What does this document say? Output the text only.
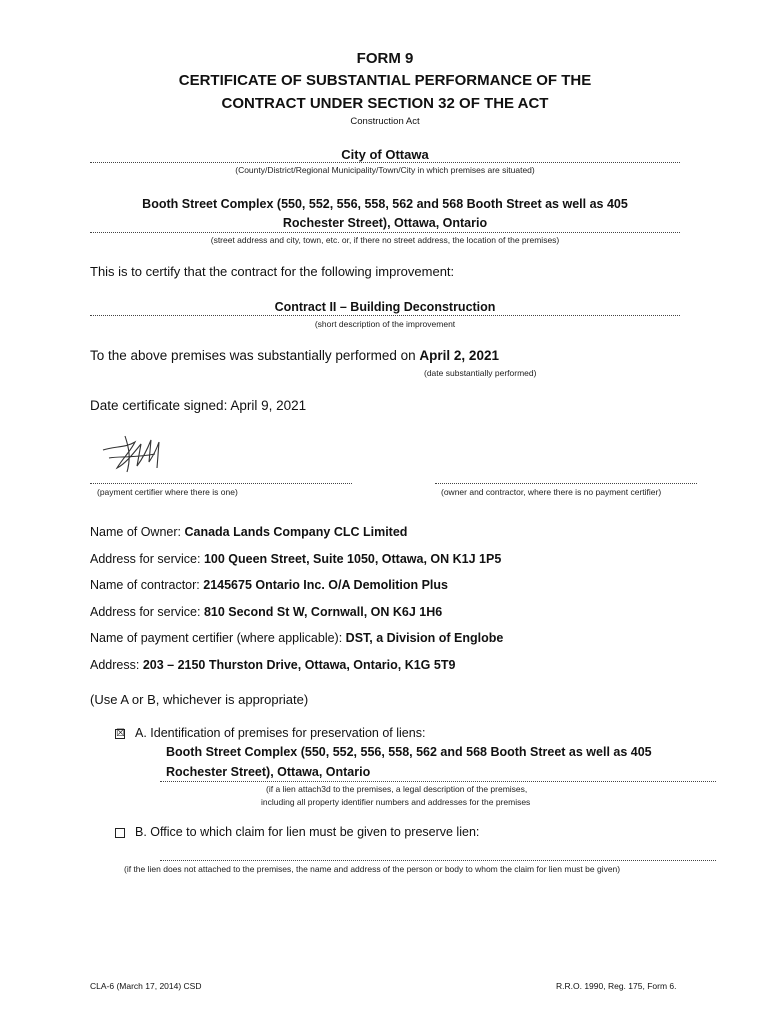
FORM 9
CERTIFICATE OF SUBSTANTIAL PERFORMANCE OF THE
CONTRACT UNDER SECTION 32 OF THE ACT
Construction Act
City of Ottawa
(County/District/Regional Municipality/Town/City in which premises are situated)
Booth Street Complex (550, 552, 556, 558, 562 and 568 Booth Street as well as 405
Rochester Street), Ottawa, Ontario
(street address and city, town, etc. or, if there no street address, the location of the premises)
This is to certify that the contract for the following improvement:
Contract II – Building Deconstruction
(short description of the improvement
To the above premises was substantially performed on April 2, 2021
(date substantially performed)
Date certificate signed: April 9, 2021
(payment certifier where there is one)	(owner and contractor, where there is no payment certifier)
Name of Owner: Canada Lands Company CLC Limited
Address for service: 100 Queen Street, Suite 1050, Ottawa, ON K1J 1P5
Name of contractor: 2145675 Ontario Inc. O/A Demolition Plus
Address for service: 810 Second St W, Cornwall, ON K6J 1H6
Name of payment certifier (where applicable): DST, a Division of Englobe
Address: 203 – 2150 Thurston Drive, Ottawa, Ontario, K1G 5T9
(Use A or B, whichever is appropriate)
☒ A. Identification of premises for preservation of liens:
Booth Street Complex (550, 552, 556, 558, 562 and 568 Booth Street as well as 405
Rochester Street), Ottawa, Ontario
(if a lien attach3d to the premises, a legal description of the premises,
including all property identifier numbers and addresses for the premises
B. Office to which claim for lien must be given to preserve lien:
(if the lien does not attached to the premises, the name and address of the person or body to whom the claim for lien must be given)
CLA-6 (March 17, 2014) CSD	R.R.O. 1990, Reg. 175, Form 6.
